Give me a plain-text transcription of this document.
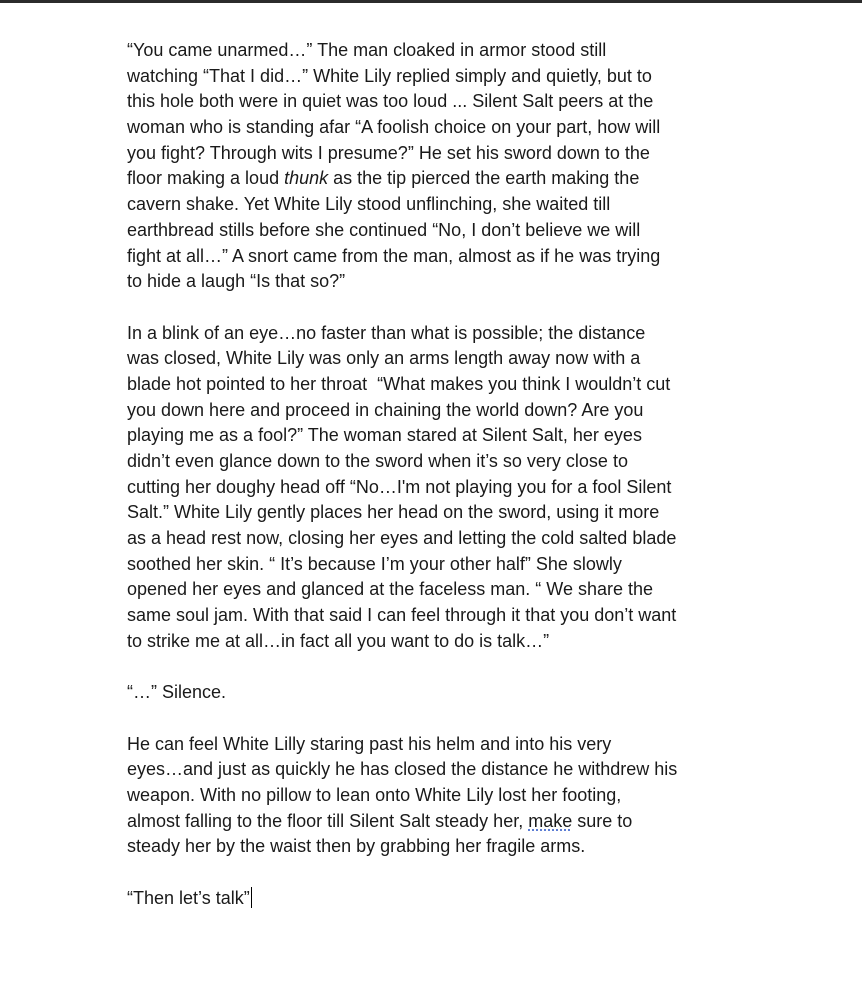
“You came unarmed…” The man cloaked in armor stood still
watching “That I did…” White Lily replied simply and quietly, but to
this hole both were in quiet was too loud ... Silent Salt peers at the
woman who is standing afar “A foolish choice on your part, how will
you fight? Through wits I presume?” He set his sword down to the
floor making a loud thunk as the tip pierced the earth making the
cavern shake. Yet White Lily stood unflinching, she waited till
earthbread stills before she continued “No, I don’t believe we will
fight at all…” A snort came from the man, almost as if he was trying
to hide a laugh “Is that so?”

In a blink of an eye…no faster than what is possible; the distance
was closed, White Lily was only an arms length away now with a
blade hot pointed to her throat  “What makes you think I wouldn’t cut
you down here and proceed in chaining the world down? Are you
playing me as a fool?” The woman stared at Silent Salt, her eyes
didn’t even glance down to the sword when it’s so very close to
cutting her doughy head off “No…I'm not playing you for a fool Silent
Salt.” White Lily gently places her head on the sword, using it more
as a head rest now, closing her eyes and letting the cold salted blade
soothed her skin. “ It’s because I’m your other half” She slowly
opened her eyes and glanced at the faceless man. “ We share the
same soul jam. With that said I can feel through it that you don’t want
to strike me at all…in fact all you want to do is talk…”

“…” Silence.

He can feel White Lilly staring past his helm and into his very
eyes…and just as quickly he has closed the distance he withdrew his
weapon. With no pillow to lean onto White Lily lost her footing,
almost falling to the floor till Silent Salt steady her, make sure to
steady her by the waist then by grabbing her fragile arms.

“Then let’s talk”
